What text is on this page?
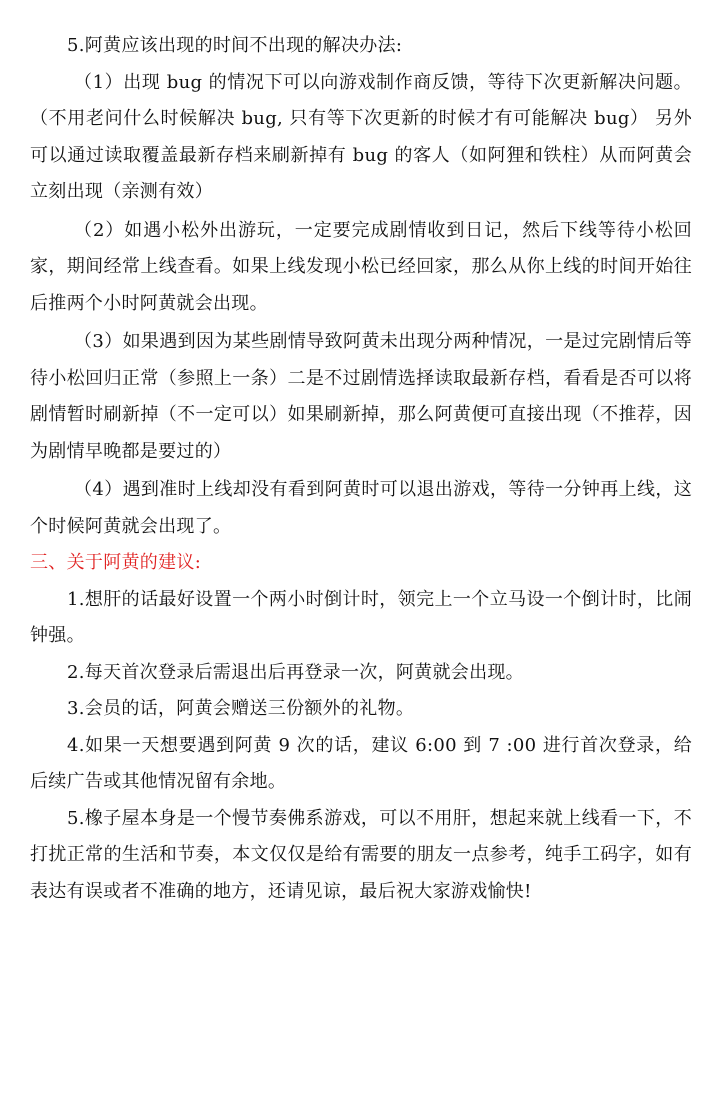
5.阿黄应该出现的时间不出现的解决办法:

（1）出现 bug 的情况下可以向游戏制作商反馈，等待下次更新解决问题。（不用老问什么时候解决 bug, 只有等下次更新的时候才有可能解决 bug） 另外可以通过读取覆盖最新存档来刷新掉有 bug 的客人（如阿狸和铁柱）从而阿黄会立刻出现（亲测有效）

（2）如遇小松外出游玩，一定要完成剧情收到日记，然后下线等待小松回家，期间经常上线查看。如果上线发现小松已经回家，那么从你上线的时间开始往后推两个小时阿黄就会出现。

（3）如果遇到因为某些剧情导致阿黄未出现分两种情况，一是过完剧情后等待小松回归正常（参照上一条）二是不过剧情选择读取最新存档，看看是否可以将剧情暂时刷新掉（不一定可以）如果刷新掉，那么阿黄便可直接出现（不推荐，因为剧情早晚都是要过的）

（4）遇到准时上线却没有看到阿黄时可以退出游戏，等待一分钟再上线，这个时候阿黄就会出现了。

三、关于阿黄的建议:

1.想肝的话最好设置一个两小时倒计时，领完上一个立马设一个倒计时，比闹钟强。

2.每天首次登录后需退出后再登录一次，阿黄就会出现。

3.会员的话，阿黄会赠送三份额外的礼物。

4.如果一天想要遇到阿黄 9 次的话，建议 6:00 到 7 :00 进行首次登录，给后续广告或其他情况留有余地。

5.橡子屋本身是一个慢节奏佛系游戏，可以不用肝，想起来就上线看一下，不打扰正常的生活和节奏，本文仅仅是给有需要的朋友一点参考，纯手工码字，如有表达有误或者不准确的地方，还请见谅，最后祝大家游戏愉快!
